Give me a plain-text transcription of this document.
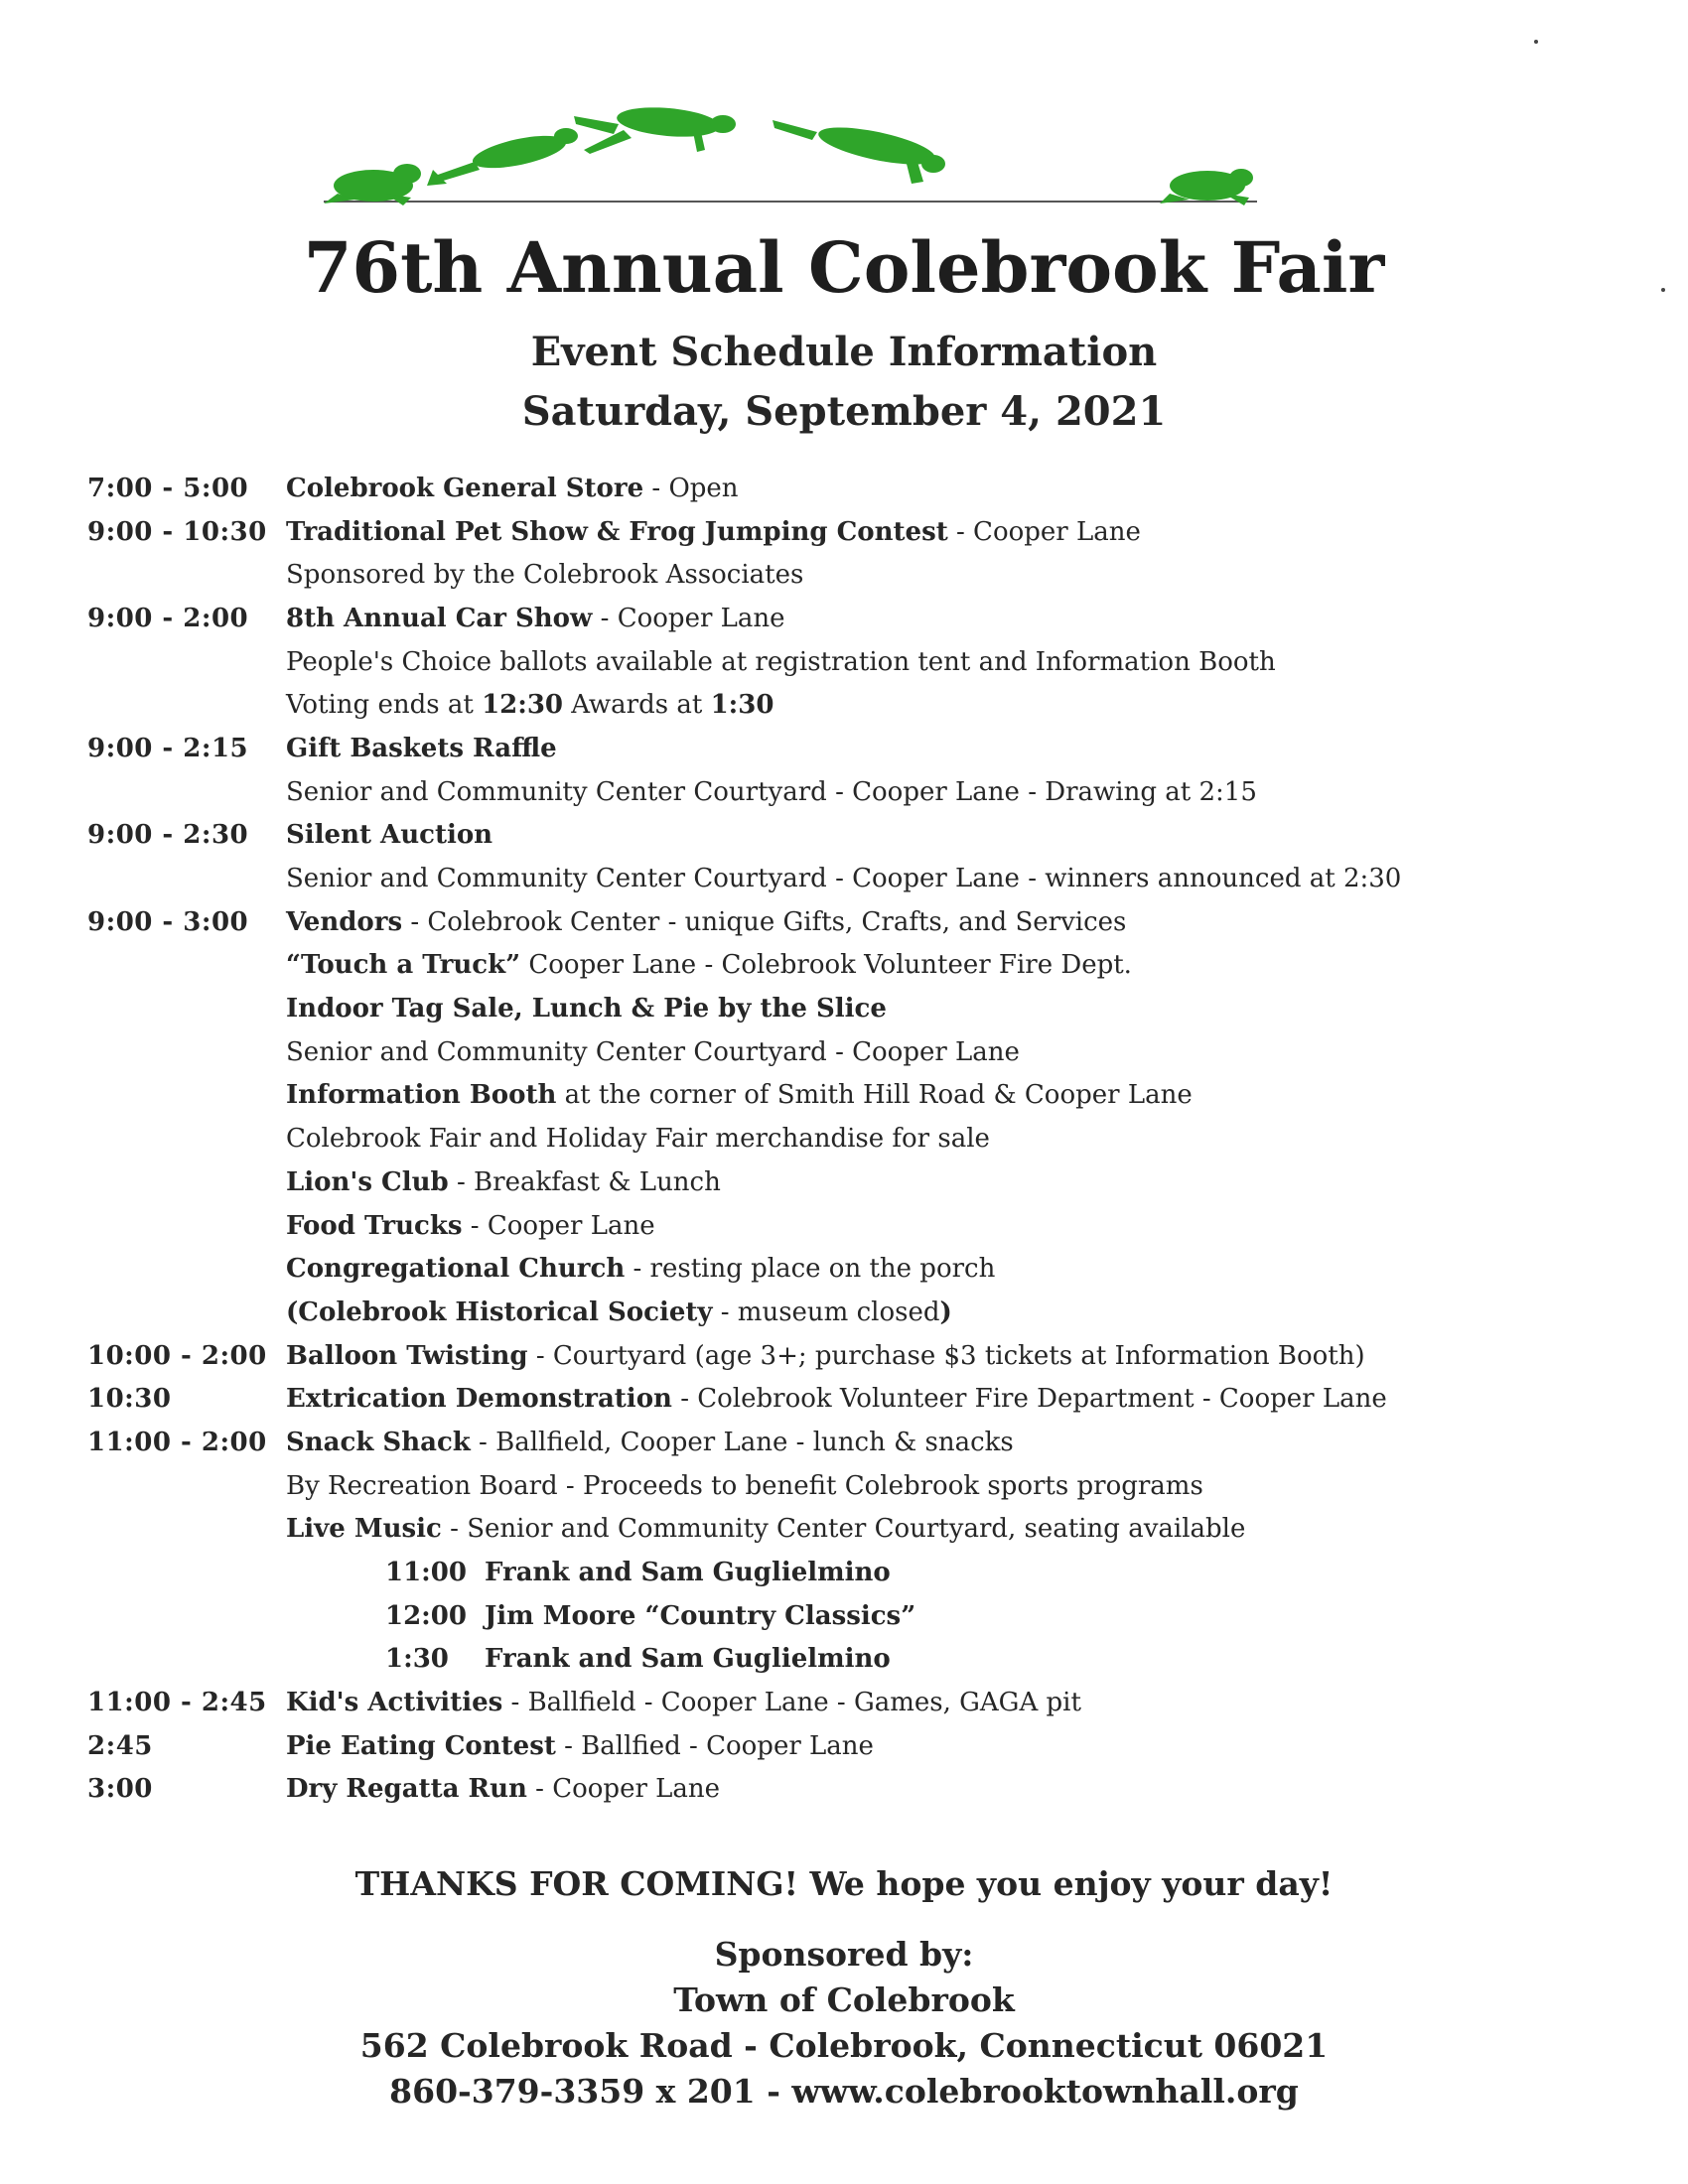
76th Annual Colebrook Fair
Event Schedule Information
Saturday, September 4, 2021
7:00 - 5:00	Colebrook General Store - Open
9:00 - 10:30 Traditional Pet Show & Frog Jumping Contest - Cooper Lane
Sponsored by the Colebrook Associates
9:00 - 2:00	8th Annual Car Show - Cooper Lane
People's Choice ballots available at registration tent and Information Booth
Voting ends at 12:30 Awards at 1:30
9:00 - 2:15	Gift Baskets Raffle
Senior and Community Center Courtyard - Cooper Lane - Drawing at 2:15
9:00 - 2:30	Silent Auction
Senior and Community Center Courtyard - Cooper Lane - winners announced at 2:30
9:00 - 3:00	Vendors - Colebrook Center - unique Gifts, Crafts, and Services
“Touch a Truck” Cooper Lane - Colebrook Volunteer Fire Dept.
Indoor Tag Sale, Lunch & Pie by the Slice
Senior and Community Center Courtyard - Cooper Lane
Information Booth at the corner of Smith Hill Road & Cooper Lane
Colebrook Fair and Holiday Fair merchandise for sale
Lion's Club - Breakfast & Lunch
Food Trucks - Cooper Lane
Congregational Church - resting place on the porch
(Colebrook Historical Society - museum closed)
10:00 - 2:00 Balloon Twisting - Courtyard (age 3+; purchase $3 tickets at Information Booth)
10:30	Extrication Demonstration - Colebrook Volunteer Fire Department - Cooper Lane
11:00 - 2:00 Snack Shack - Ballfield, Cooper Lane - lunch & snacks
By Recreation Board - Proceeds to benefit Colebrook sports programs
Live Music - Senior and Community Center Courtyard, seating available
11:00 Frank and Sam Guglielmino
12:00 Jim Moore “Country Classics”
1:30 Frank and Sam Guglielmino
11:00 - 2:45 Kid's Activities - Ballfield - Cooper Lane - Games, GAGA pit
2:45	Pie Eating Contest - Ballfied - Cooper Lane
3:00	Dry Regatta Run - Cooper Lane
THANKS FOR COMING! We hope you enjoy your day!
Sponsored by:
Town of Colebrook
562 Colebrook Road - Colebrook, Connecticut 06021
860-379-3359 x 201 - www.colebrooktownhall.org
